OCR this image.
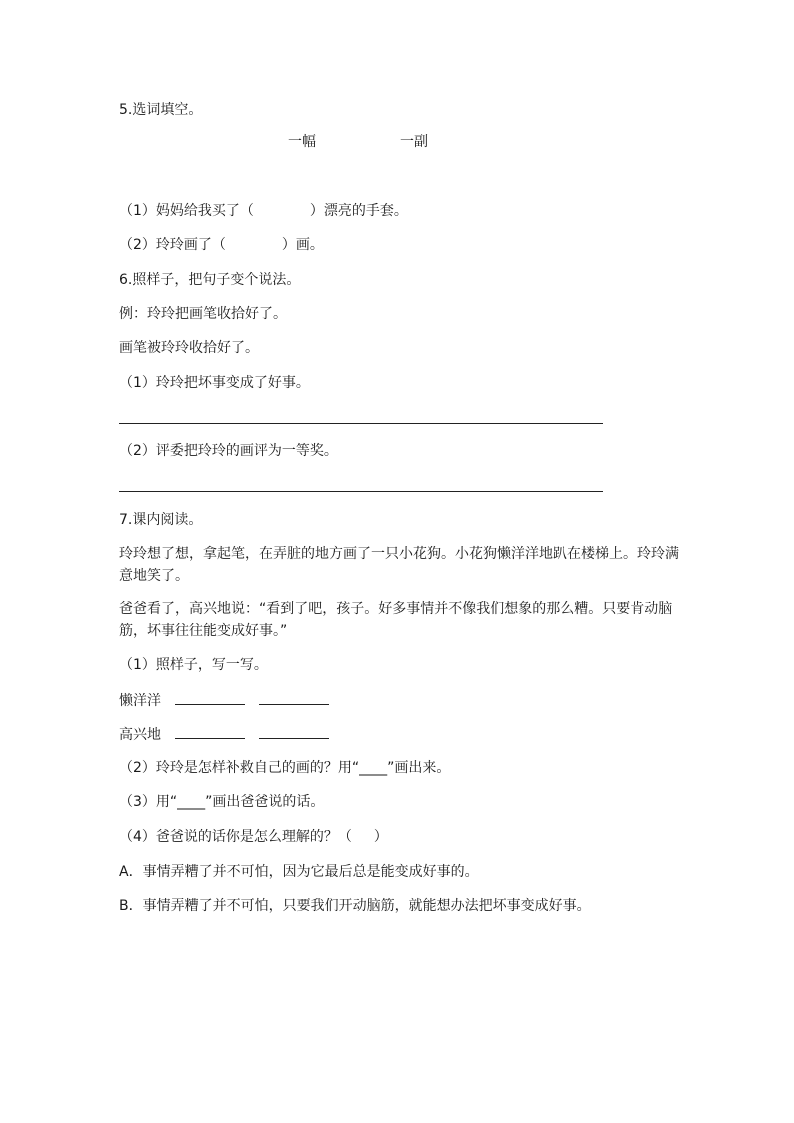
5.选词填空。
一幅	一副
（1）妈妈给我买了（	）漂亮的手套。
（2）玲玲画了（	）画。
6.照样子，把句子变个说法。
例：玲玲把画笔收拾好了。
画笔被玲玲收拾好了。
（1）玲玲把坏事变成了好事。
（2）评委把玲玲的画评为一等奖。
7.课内阅读。
玲玲想了想，拿起笔，在弄脏的地方画了一只小花狗。小花狗懒洋洋地趴在楼梯上。玲玲满意地笑了。
爸爸看了，高兴地说：“看到了吧，孩子。好多事情并不像我们想象的那么糟。只要肯动脑筋，坏事往往能变成好事。”
（1）照样子，写一写。
懒洋洋
高兴地
（2）玲玲是怎样补救自己的画的？用“____”画出来。
（3）用“____”画出爸爸说的话。
（4）爸爸说的话你是怎么理解的？（ ）
A．事情弄糟了并不可怕，因为它最后总是能变成好事的。
B．事情弄糟了并不可怕，只要我们开动脑筋，就能想办法把坏事变成好事。
